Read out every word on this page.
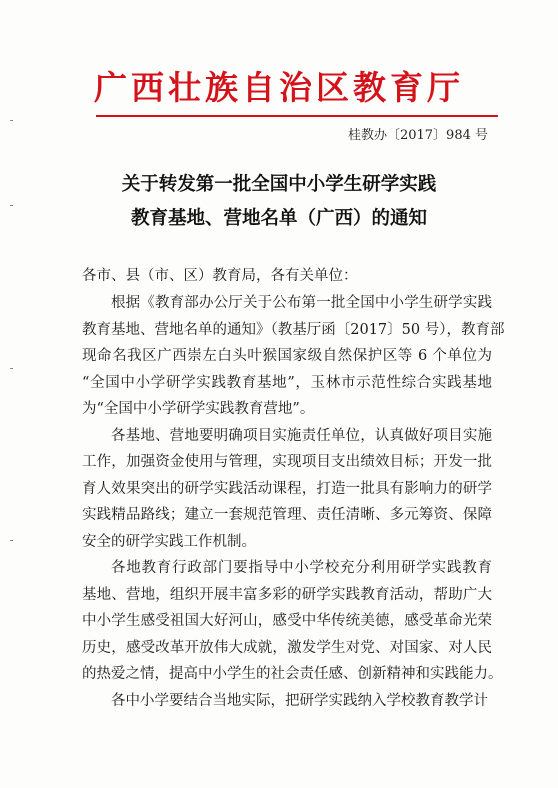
广西壮族自治区教育厅
桂教办〔2017〕984 号
关于转发第一批全国中小学生研学实践
教育基地、营地名单（广西）的通知
各市、县（市、区）教育局，各有关单位：
根据《教育部办公厅关于公布第一批全国中小学生研学实践
教育基地、营地名单的通知》（教基厅函〔2017〕50 号），教育部
现命名我区广西崇左白头叶猴国家级自然保护区等 6 个单位为
“全国中小学研学实践教育基地”，玉林市示范性综合实践基地
为“全国中小学研学实践教育营地”。
各基地、营地要明确项目实施责任单位，认真做好项目实施
工作，加强资金使用与管理，实现项目支出绩效目标；开发一批
育人效果突出的研学实践活动课程，打造一批具有影响力的研学
实践精品路线；建立一套规范管理、责任清晰、多元筹资、保障
安全的研学实践工作机制。
各地教育行政部门要指导中小学校充分利用研学实践教育
基地、营地，组织开展丰富多彩的研学实践教育活动，帮助广大
中小学生感受祖国大好河山，感受中华传统美德，感受革命光荣
历史，感受改革开放伟大成就，激发学生对党、对国家、对人民
的热爱之情，提高中小学生的社会责任感、创新精神和实践能力。
各中小学要结合当地实际，把研学实践纳入学校教育教学计
